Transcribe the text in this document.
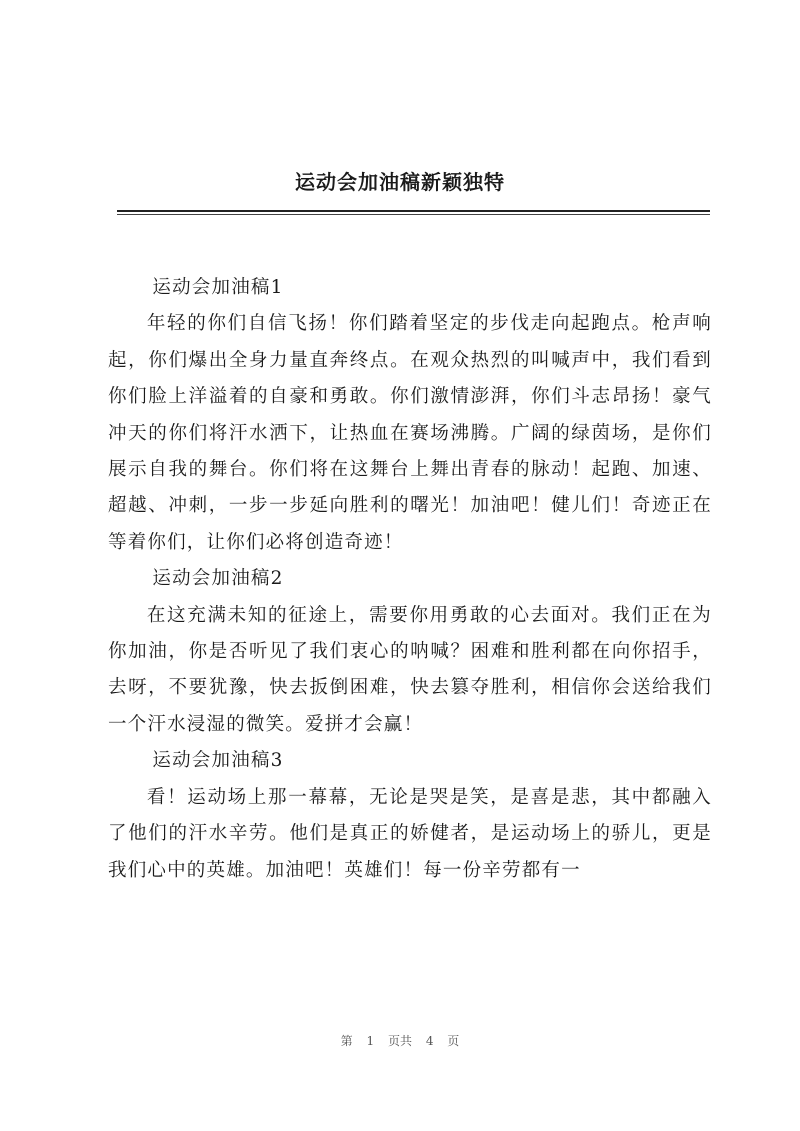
运动会加油稿新颖独特

运动会加油稿1

年轻的你们自信飞扬！你们踏着坚定的步伐走向起跑点。枪声响起，你们爆出全身力量直奔终点。在观众热烈的叫喊声中，我们看到你们脸上洋溢着的自豪和勇敢。你们激情澎湃，你们斗志昂扬！豪气冲天的你们将汗水洒下，让热血在赛场沸腾。广阔的绿茵场，是你们展示自我的舞台。你们将在这舞台上舞出青春的脉动！起跑、加速、超越、冲刺，一步一步延向胜利的曙光！加油吧！健儿们！奇迹正在等着你们，让你们必将创造奇迹！

运动会加油稿2

在这充满未知的征途上，需要你用勇敢的心去面对。我们正在为你加油，你是否听见了我们衷心的呐喊？困难和胜利都在向你招手，去呀，不要犹豫，快去扳倒困难，快去篡夺胜利，相信你会送给我们一个汗水浸湿的微笑。爱拼才会赢！

运动会加油稿3

看！运动场上那一幕幕，无论是哭是笑，是喜是悲，其中都融入了他们的汗水辛劳。他们是真正的娇健者，是运动场上的骄儿，更是我们心中的英雄。加油吧！英雄们！每一份辛劳都有一

第 1 页共 4 页
